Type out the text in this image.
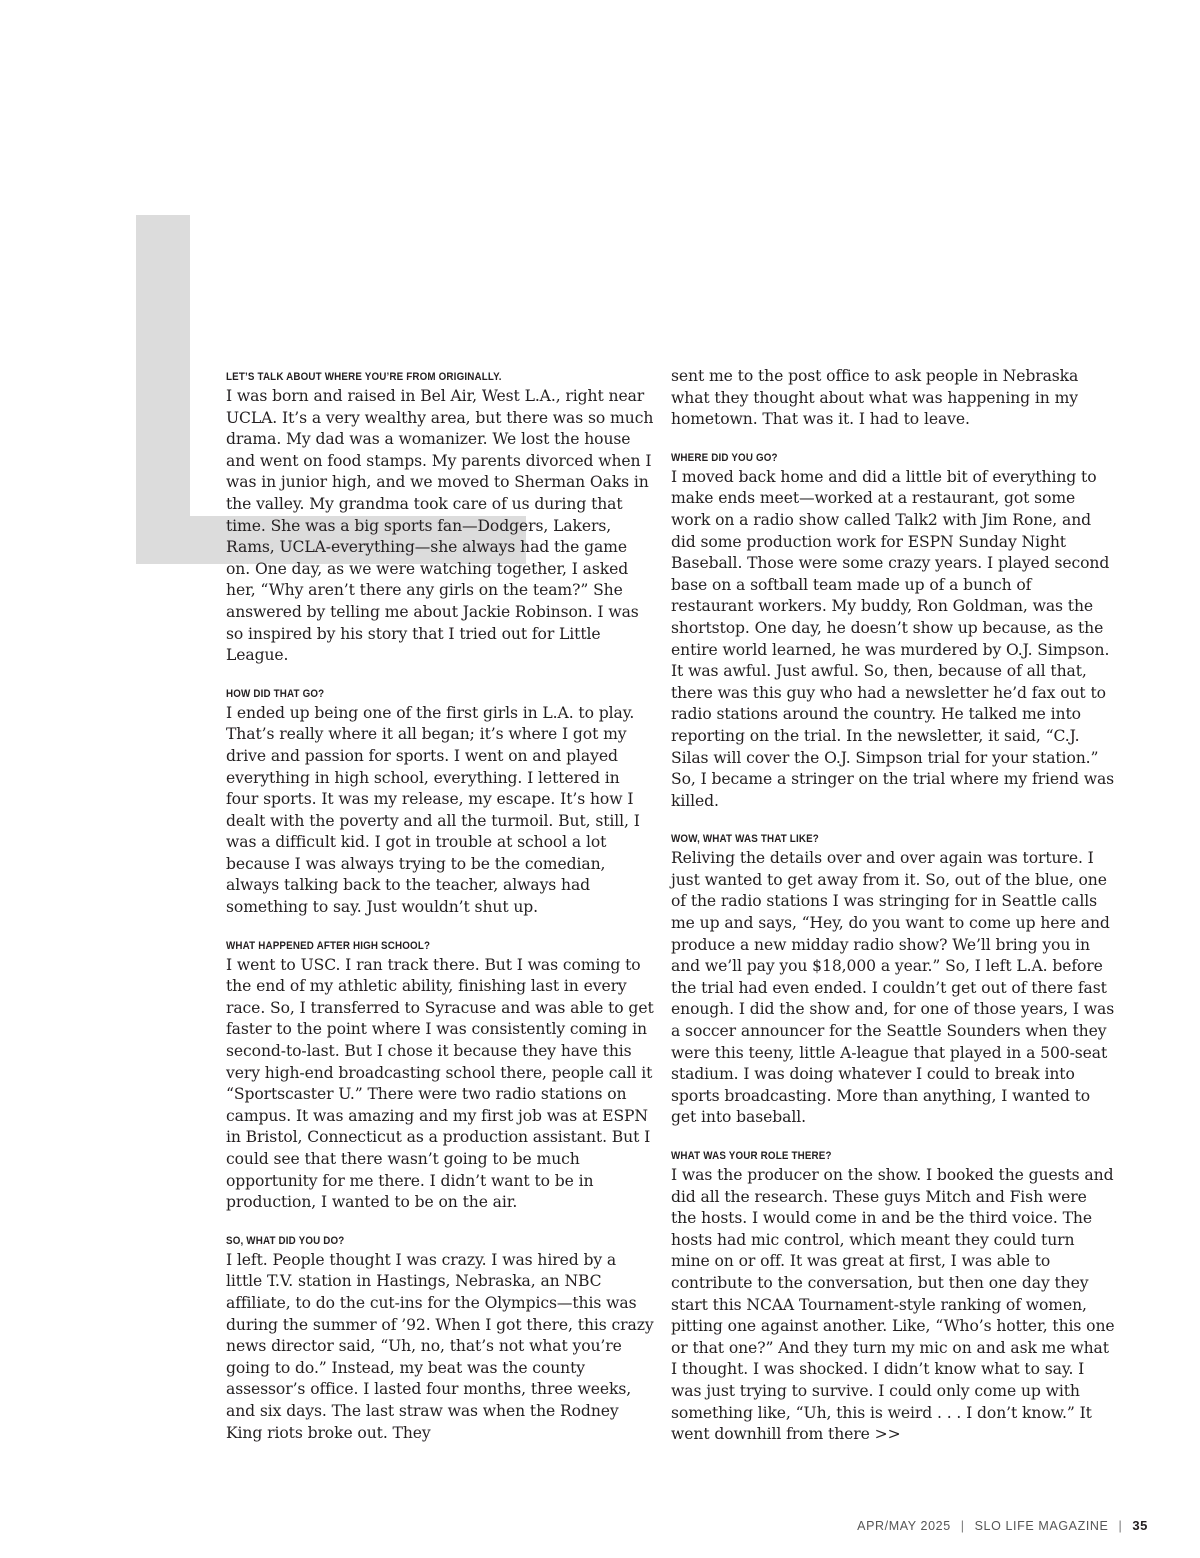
LET’S TALK ABOUT WHERE YOU’RE FROM ORIGINALLY.

I was born and raised in Bel Air, West L.A., right near UCLA. It’s a very wealthy area, but there was so much drama. My dad was a womanizer. We lost the house and went on food stamps. My parents divorced when I was in junior high, and we moved to Sherman Oaks in the valley. My grandma took care of us during that time. She was a big sports fan—Dodgers, Lakers, Rams, UCLA-everything—she always had the game on. One day, as we were watching together, I asked her, “Why aren’t there any girls on the team?” She answered by telling me about Jackie Robinson. I was so inspired by his story that I tried out for Little League.

HOW DID THAT GO?

I ended up being one of the first girls in L.A. to play. That’s really where it all began; it’s where I got my drive and passion for sports. I went on and played everything in high school, everything. I lettered in four sports. It was my release, my escape. It’s how I dealt with the poverty and all the turmoil. But, still, I was a difficult kid. I got in trouble at school a lot because I was always trying to be the comedian, always talking back to the teacher, always had something to say. Just wouldn’t shut up.

WHAT HAPPENED AFTER HIGH SCHOOL?

I went to USC. I ran track there. But I was coming to the end of my athletic ability, finishing last in every race. So, I transferred to Syracuse and was able to get faster to the point where I was consistently coming in second-to-last. But I chose it because they have this very high-end broadcasting school there, people call it “Sportscaster U.” There were two radio stations on campus. It was amazing and my first job was at ESPN in Bristol, Connecticut as a production assistant. But I could see that there wasn’t going to be much opportunity for me there. I didn’t want to be in production, I wanted to be on the air.

SO, WHAT DID YOU DO?

I left. People thought I was crazy. I was hired by a little T.V. station in Hastings, Nebraska, an NBC affiliate, to do the cut-ins for the Olympics—this was during the summer of ’92. When I got there, this crazy news director said, “Uh, no, that’s not what you’re going to do.” Instead, my beat was the county assessor’s office. I lasted four months, three weeks, and six days. The last straw was when the Rodney King riots broke out. They

sent me to the post office to ask people in Nebraska what they thought about what was happening in my hometown. That was it. I had to leave.

WHERE DID YOU GO?

I moved back home and did a little bit of everything to make ends meet—worked at a restaurant, got some work on a radio show called Talk2 with Jim Rone, and did some production work for ESPN Sunday Night Baseball. Those were some crazy years. I played second base on a softball team made up of a bunch of restaurant workers. My buddy, Ron Goldman, was the shortstop. One day, he doesn’t show up because, as the entire world learned, he was murdered by O.J. Simpson. It was awful. Just awful. So, then, because of all that, there was this guy who had a newsletter he’d fax out to radio stations around the country. He talked me into reporting on the trial. In the newsletter, it said, “C.J. Silas will cover the O.J. Simpson trial for your station.” So, I became a stringer on the trial where my friend was killed.

WOW, WHAT WAS THAT LIKE?

Reliving the details over and over again was torture. I just wanted to get away from it. So, out of the blue, one of the radio stations I was stringing for in Seattle calls me up and says, “Hey, do you want to come up here and produce a new midday radio show? We’ll bring you in and we’ll pay you $18,000 a year.” So, I left L.A. before the trial had even ended. I couldn’t get out of there fast enough. I did the show and, for one of those years, I was a soccer announcer for the Seattle Sounders when they were this teeny, little A-league that played in a 500-seat stadium. I was doing whatever I could to break into sports broadcasting. More than anything, I wanted to get into baseball.

WHAT WAS YOUR ROLE THERE?

I was the producer on the show. I booked the guests and did all the research. These guys Mitch and Fish were the hosts. I would come in and be the third voice. The hosts had mic control, which meant they could turn mine on or off. It was great at first, I was able to contribute to the conversation, but then one day they start this NCAA Tournament-style ranking of women, pitting one against another. Like, “Who’s hotter, this one or that one?” And they turn my mic on and ask me what I thought. I was shocked. I didn’t know what to say. I was just trying to survive. I could only come up with something like, “Uh, this is weird . . . I don’t know.” It went downhill from there >>

APR/MAY 2025 | SLO LIFE MAGAZINE | 35
